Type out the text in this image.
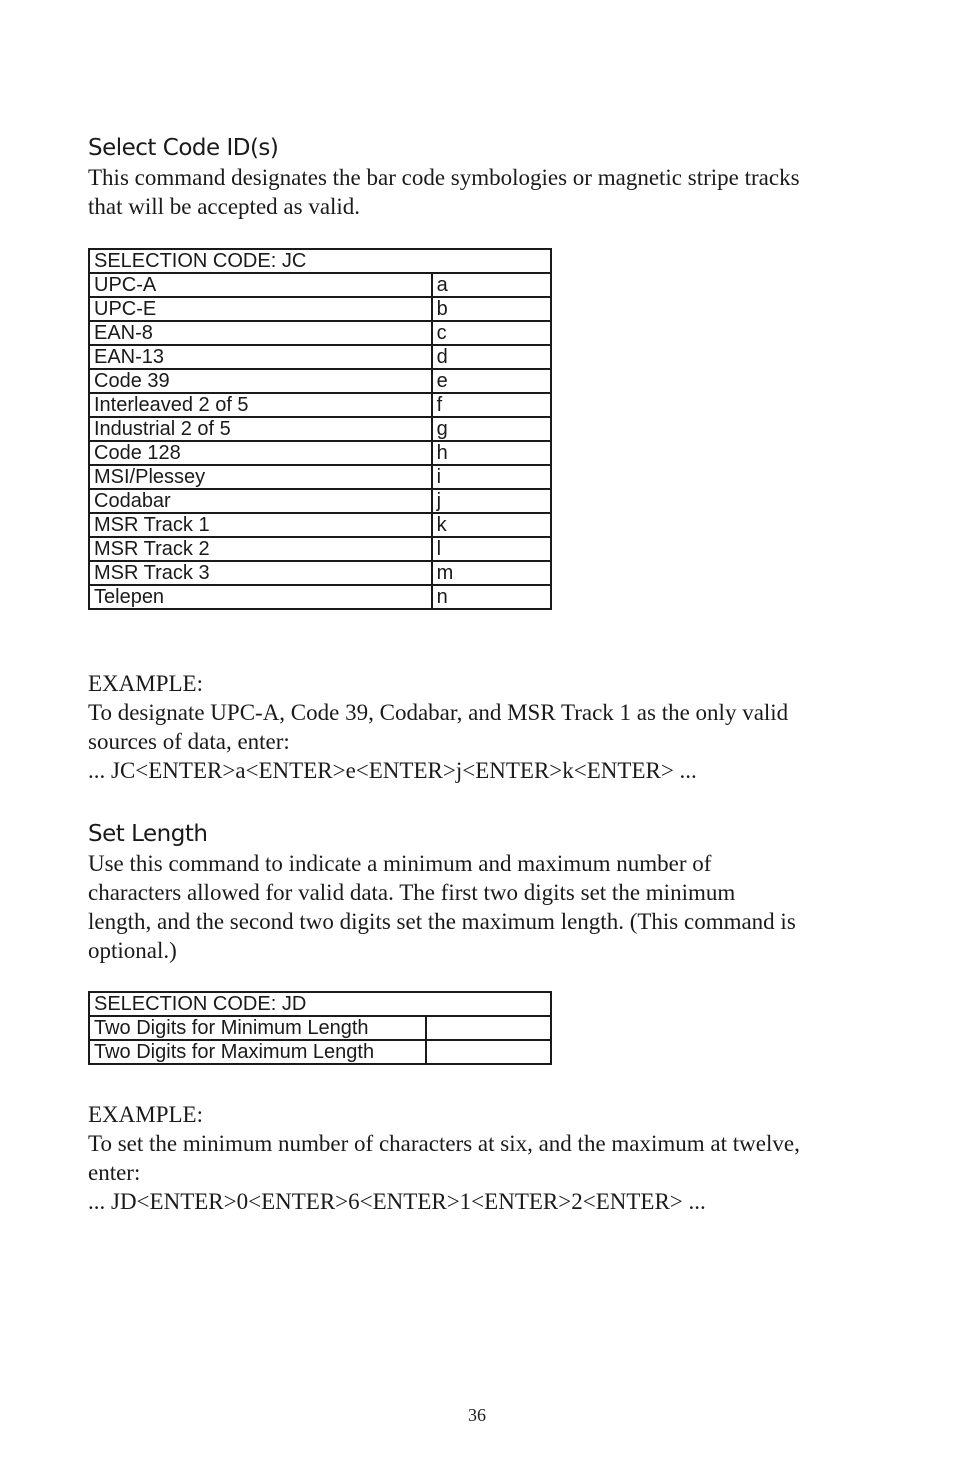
Select Code ID(s)
This command designates the bar code symbologies or magnetic stripe tracks
that will be accepted as valid.
SELECTION CODE: JC	
UPC-A	a
UPC-E	b
EAN-8	c
EAN-13	d
Code 39	e
Interleaved 2 of 5	f
Industrial 2 of 5	g
Code 128	h
MSI/Plessey	i
Codabar	j
MSR Track 1	k
MSR Track 2	l
MSR Track 3	m
Telepen	n
EXAMPLE:
To designate UPC-A, Code 39, Codabar, and MSR Track 1 as the only valid
sources of data, enter:
... JC<ENTER>a<ENTER>e<ENTER>j<ENTER>k<ENTER> ...
Set Length
Use this command to indicate a minimum and maximum number of
characters allowed for valid data. The first two digits set the minimum
length, and the second two digits set the maximum length. (This command is
optional.)
SELECTION CODE: JD	
Two Digits for Minimum Length	
Two Digits for Maximum Length	
EXAMPLE:
To set the minimum number of characters at six, and the maximum at twelve,
enter:
... JD<ENTER>0<ENTER>6<ENTER>1<ENTER>2<ENTER> ...
36
